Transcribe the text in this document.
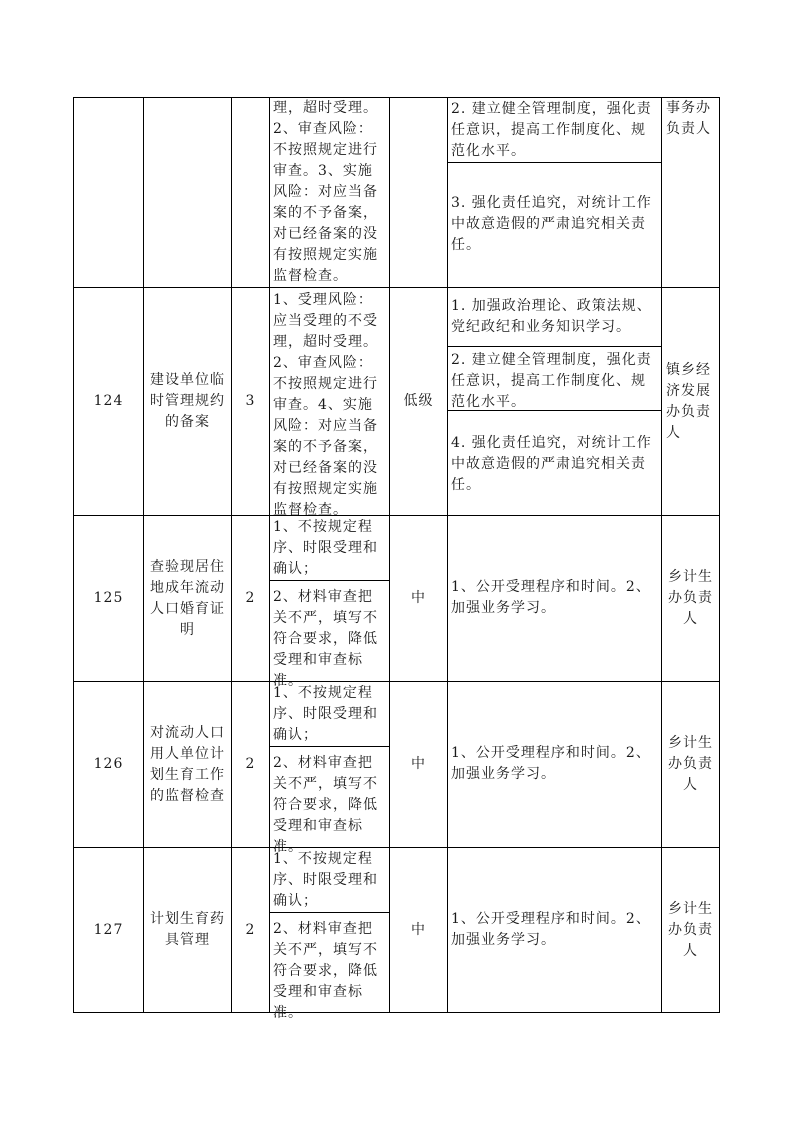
理，超时受理。2、审查风险：不按照规定进行审查。3、实施风险：对应当备案的不予备案，对已经备案的没有按照规定实施监督检查。
2. 建立健全管理制度，强化责任意识，提高工作制度化、规范化水平。
3. 强化责任追究，对统计工作中故意造假的严肃追究相关责任。
事务办负责人
124
建设单位临时管理规约的备案
3
1、受理风险：应当受理的不受理，超时受理。2、审查风险：不按照规定进行审查。4、实施风险：对应当备案的不予备案，对已经备案的没有按照规定实施监督检查。
低级
1. 加强政治理论、政策法规、党纪政纪和业务知识学习。
2. 建立健全管理制度，强化责任意识，提高工作制度化、规范化水平。
4. 强化责任追究，对统计工作中故意造假的严肃追究相关责任。
镇乡经济发展办负责人
125
查验现居住地成年流动人口婚育证明
2
1、不按规定程序、时限受理和确认；
2、材料审查把关不严，填写不符合要求，降低受理和审查标准。
中
1、公开受理程序和时间。2、加强业务学习。
乡计生办负责人
126
对流动人口用人单位计划生育工作的监督检查
2
1、不按规定程序、时限受理和确认；
2、材料审查把关不严，填写不符合要求，降低受理和审查标准。
中
1、公开受理程序和时间。2、加强业务学习。
乡计生办负责人
127
计划生育药具管理
2
1、不按规定程序、时限受理和确认；
2、材料审查把关不严，填写不符合要求，降低受理和审查标准。
中
1、公开受理程序和时间。2、加强业务学习。
乡计生办负责人
